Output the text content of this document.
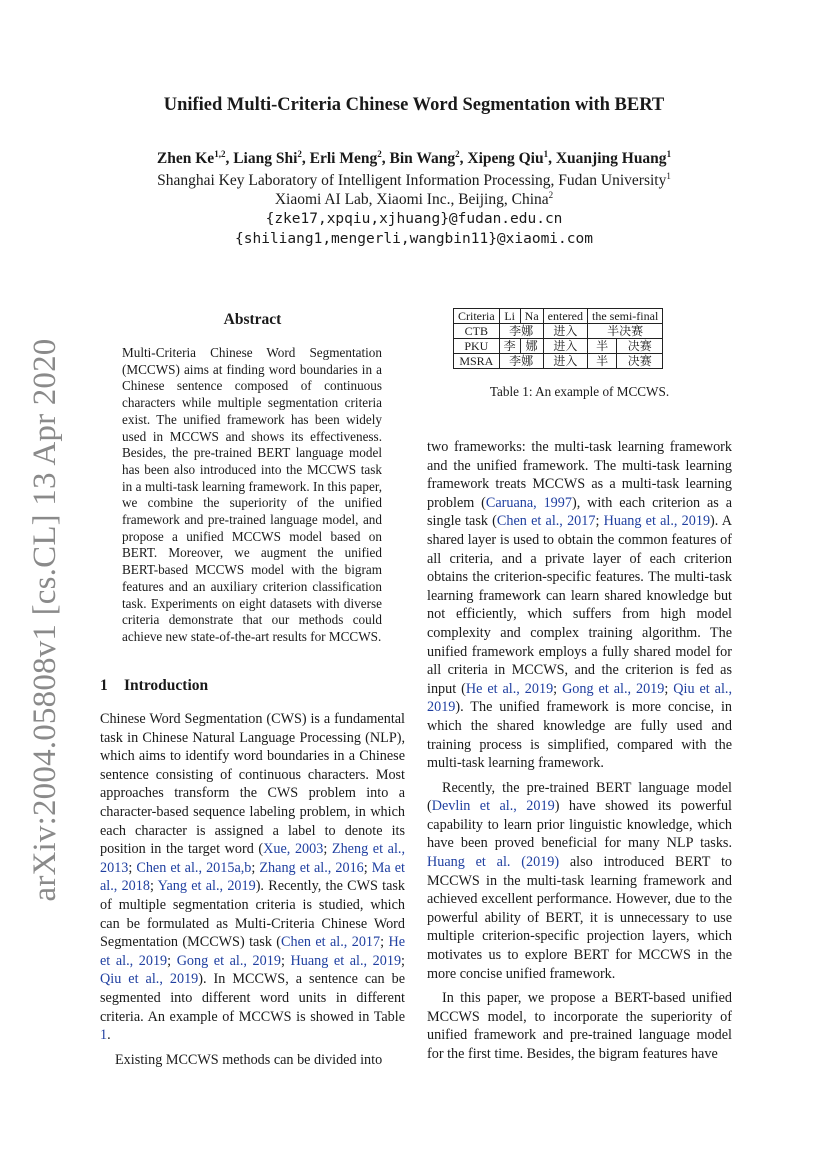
arXiv:2004.05808v1 [cs.CL] 13 Apr 2020
Unified Multi-Criteria Chinese Word Segmentation with BERT
Zhen Ke$^{1,2}$, Liang Shi$^2$, Erli Meng$^2$, Bin Wang$^2$, Xipeng Qiu$^1$, Xuanjing Huang$^1$
Shanghai Key Laboratory of Intelligent Information Processing, Fudan University$^1$
Xiaomi AI Lab, Xiaomi Inc., Beijing, China$^2$
{zke17,xpqiu,xjhuang}@fudan.edu.cn
{shiliang1,mengerli,wangbin11}@xiaomi.com
Abstract
Multi-Criteria Chinese Word Segmentation (MCCWS) aims at finding word boundaries in a Chinese sentence composed of continuous characters while multiple segmentation criteria exist. The unified framework has been widely used in MCCWS and shows its effectiveness. Besides, the pre-trained BERT language model has been also introduced into the MCCWS task in a multi-task learning framework. In this paper, we combine the superiority of the unified framework and pre-trained language model, and propose a unified MCCWS model based on BERT. Moreover, we augment the unified BERT-based MCCWS model with the bigram features and an auxiliary criterion classification task. Experiments on eight datasets with diverse criteria demonstrate that our methods could achieve new state-of-the-art results for MCCWS.
1 Introduction

Chinese Word Segmentation (CWS) is a fundamental task in Chinese Natural Language Processing (NLP), which aims to identify word boundaries in a Chinese sentence consisting of continuous characters. Most approaches transform the CWS problem into a character-based sequence labeling problem, in which each character is assigned a label to denote its position in the target word (Xue, 2003; Zheng et al., 2013; Chen et al., 2015a,b; Zhang et al., 2016; Ma et al., 2018; Yang et al., 2019). Recently, the CWS task of multiple segmentation criteria is studied, which can be formulated as Multi-Criteria Chinese Word Segmentation (MCCWS) task (Chen et al., 2017; He et al., 2019; Gong et al., 2019; Huang et al., 2019; Qiu et al., 2019). In MCCWS, a sentence can be segmented into different word units in different criteria. An example of MCCWS is showed in Table 1.

Existing MCCWS methods can be divided into

Criteria	Li	Na	entered	the semi-final	
CTB	李娜		进入	半决赛	
PKU	李	娜	进入	半	决赛
MSRA	李娜		进入	半	决赛
Table 1: An example of MCCWS.

two frameworks: the multi-task learning framework and the unified framework. The multi-task learning framework treats MCCWS as a multi-task learning problem (Caruana, 1997), with each criterion as a single task (Chen et al., 2017; Huang et al., 2019). A shared layer is used to obtain the common features of all criteria, and a private layer of each criterion obtains the criterion-specific features. The multi-task learning framework can learn shared knowledge but not efficiently, which suffers from high model complexity and complex training algorithm. The unified framework employs a fully shared model for all criteria in MCCWS, and the criterion is fed as input (He et al., 2019; Gong et al., 2019; Qiu et al., 2019). The unified framework is more concise, in which the shared knowledge are fully used and training process is simplified, compared with the multi-task learning framework.

Recently, the pre-trained BERT language model (Devlin et al., 2019) have showed its powerful capability to learn prior linguistic knowledge, which have been proved beneficial for many NLP tasks. Huang et al. (2019) also introduced BERT to MCCWS in the multi-task learning framework and achieved excellent performance. However, due to the powerful ability of BERT, it is unnecessary to use multiple criterion-specific projection layers, which motivates us to explore BERT for MCCWS in the more concise unified framework.

In this paper, we propose a BERT-based unified MCCWS model, to incorporate the superiority of unified framework and pre-trained language model for the first time. Besides, the bigram features have
